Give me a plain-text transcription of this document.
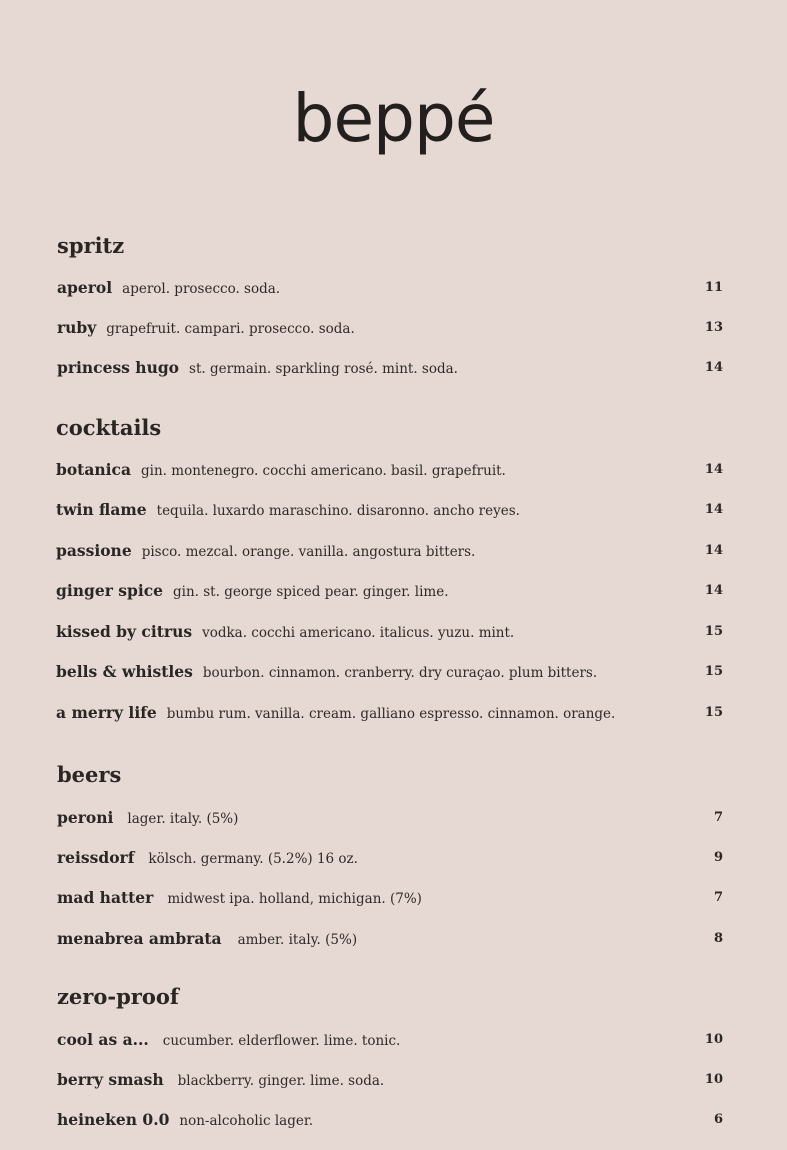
beppé
spritz
aperol aperol. prosecco. soda.	11
ruby grapefruit. campari. prosecco. soda.	13
princess hugo st. germain. sparkling rosé. mint. soda.	14
cocktails
botanica gin. montenegro. cocchi americano. basil. grapefruit.	14
twin flame tequila. luxardo maraschino. disaronno. ancho reyes.	14
passione pisco. mezcal. orange. vanilla. angostura bitters.	14
ginger spice gin. st. george spiced pear. ginger. lime.	14
kissed by citrus vodka. cocchi americano. italicus. yuzu. mint.	15
bells & whistles bourbon. cinnamon. cranberry. dry curaçao. plum bitters.	15
a merry life bumbu rum. vanilla. cream. galliano espresso. cinnamon. orange.	15
beers
peroni lager. italy. (5%)	7
reissdorf kölsch. germany. (5.2%) 16 oz.	9
mad hatter midwest ipa. holland, michigan. (7%)	7
menabrea ambrata amber. italy. (5%)	8
zero-proof
cool as a... cucumber. elderflower. lime. tonic.	10
berry smash blackberry. ginger. lime. soda.	10
heineken 0.0 non-alcoholic lager.	6
